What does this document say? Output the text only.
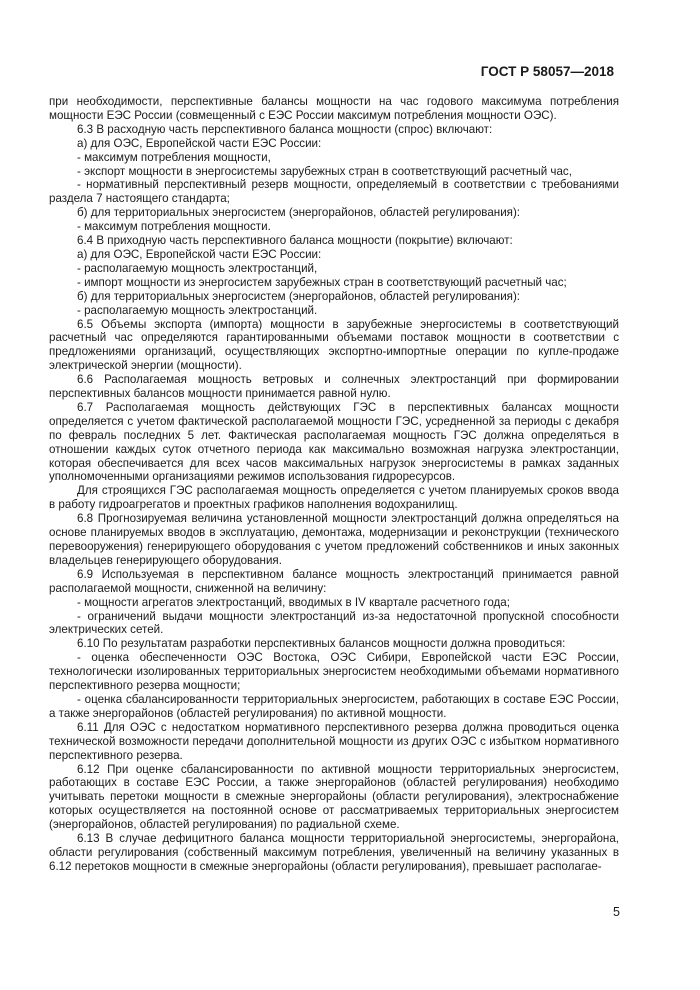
ГОСТ Р 58057—2018

при необходимости, перспективные балансы мощности на час годового максимума потребления мощности ЕЭС России (совмещенный с ЕЭС России максимум потребления мощности ОЭС).

6.3 В расходную часть перспективного баланса мощности (спрос) включают:

а) для ОЭС, Европейской части ЕЭС России:

- максимум потребления мощности,

- экспорт мощности в энергосистемы зарубежных стран в соответствующий расчетный час,

- нормативный перспективный резерв мощности, определяемый в соответствии с требованиями раздела 7 настоящего стандарта;

б) для территориальных энергосистем (энергорайонов, областей регулирования):

- максимум потребления мощности.

6.4 В приходную часть перспективного баланса мощности (покрытие) включают:

а) для ОЭС, Европейской части ЕЭС России:

- располагаемую мощность электростанций,

- импорт мощности из энергосистем зарубежных стран в соответствующий расчетный час;

б) для территориальных энергосистем (энергорайонов, областей регулирования):

- располагаемую мощность электростанций.

6.5 Объемы экспорта (импорта) мощности в зарубежные энергосистемы в соответствующий расчетный час определяются гарантированными объемами поставок мощности в соответствии с предложениями организаций, осуществляющих экспортно-импортные операции по купле-продаже электрической энергии (мощности).

6.6 Располагаемая мощность ветровых и солнечных электростанций при формировании перспективных балансов мощности принимается равной нулю.

6.7 Располагаемая мощность действующих ГЭС в перспективных балансах мощности определяется с учетом фактической располагаемой мощности ГЭС, усредненной за периоды с декабря по февраль последних 5 лет. Фактическая располагаемая мощность ГЭС должна определяться в отношении каждых суток отчетного периода как максимально возможная нагрузка электростанции, которая обеспечивается для всех часов максимальных нагрузок энергосистемы в рамках заданных уполномоченными организациями режимов использования гидроресурсов.

Для строящихся ГЭС располагаемая мощность определяется с учетом планируемых сроков ввода в работу гидроагрегатов и проектных графиков наполнения водохранилищ.

6.8 Прогнозируемая величина установленной мощности электростанций должна определяться на основе планируемых вводов в эксплуатацию, демонтажа, модернизации и реконструкции (технического перевооружения) генерирующего оборудования с учетом предложений собственников и иных законных владельцев генерирующего оборудования.

6.9 Используемая в перспективном балансе мощность электростанций принимается равной располагаемой мощности, сниженной на величину:

- мощности агрегатов электростанций, вводимых в IV квартале расчетного года;

- ограничений выдачи мощности электростанций из-за недостаточной пропускной способности электрических сетей.

6.10 По результатам разработки перспективных балансов мощности должна проводиться:

- оценка обеспеченности ОЭС Востока, ОЭС Сибири, Европейской части ЕЭС России, технологически изолированных территориальных энергосистем необходимыми объемами нормативного перспективного резерва мощности;

- оценка сбалансированности территориальных энергосистем, работающих в составе ЕЭС России, а также энергорайонов (областей регулирования) по активной мощности.

6.11 Для ОЭС с недостатком нормативного перспективного резерва должна проводиться оценка технической возможности передачи дополнительной мощности из других ОЭС с избытком нормативного перспективного резерва.

6.12 При оценке сбалансированности по активной мощности территориальных энергосистем, работающих в составе ЕЭС России, а также энергорайонов (областей регулирования) необходимо учитывать перетоки мощности в смежные энергорайоны (области регулирования), электроснабжение которых осуществляется на постоянной основе от рассматриваемых территориальных энергосистем (энергорайонов, областей регулирования) по радиальной схеме.

6.13 В случае дефицитного баланса мощности территориальной энергосистемы, энергорайона, области регулирования (собственный максимум потребления, увеличенный на величину указанных в 6.12 перетоков мощности в смежные энергорайоны (области регулирования), превышает располагае-

5
